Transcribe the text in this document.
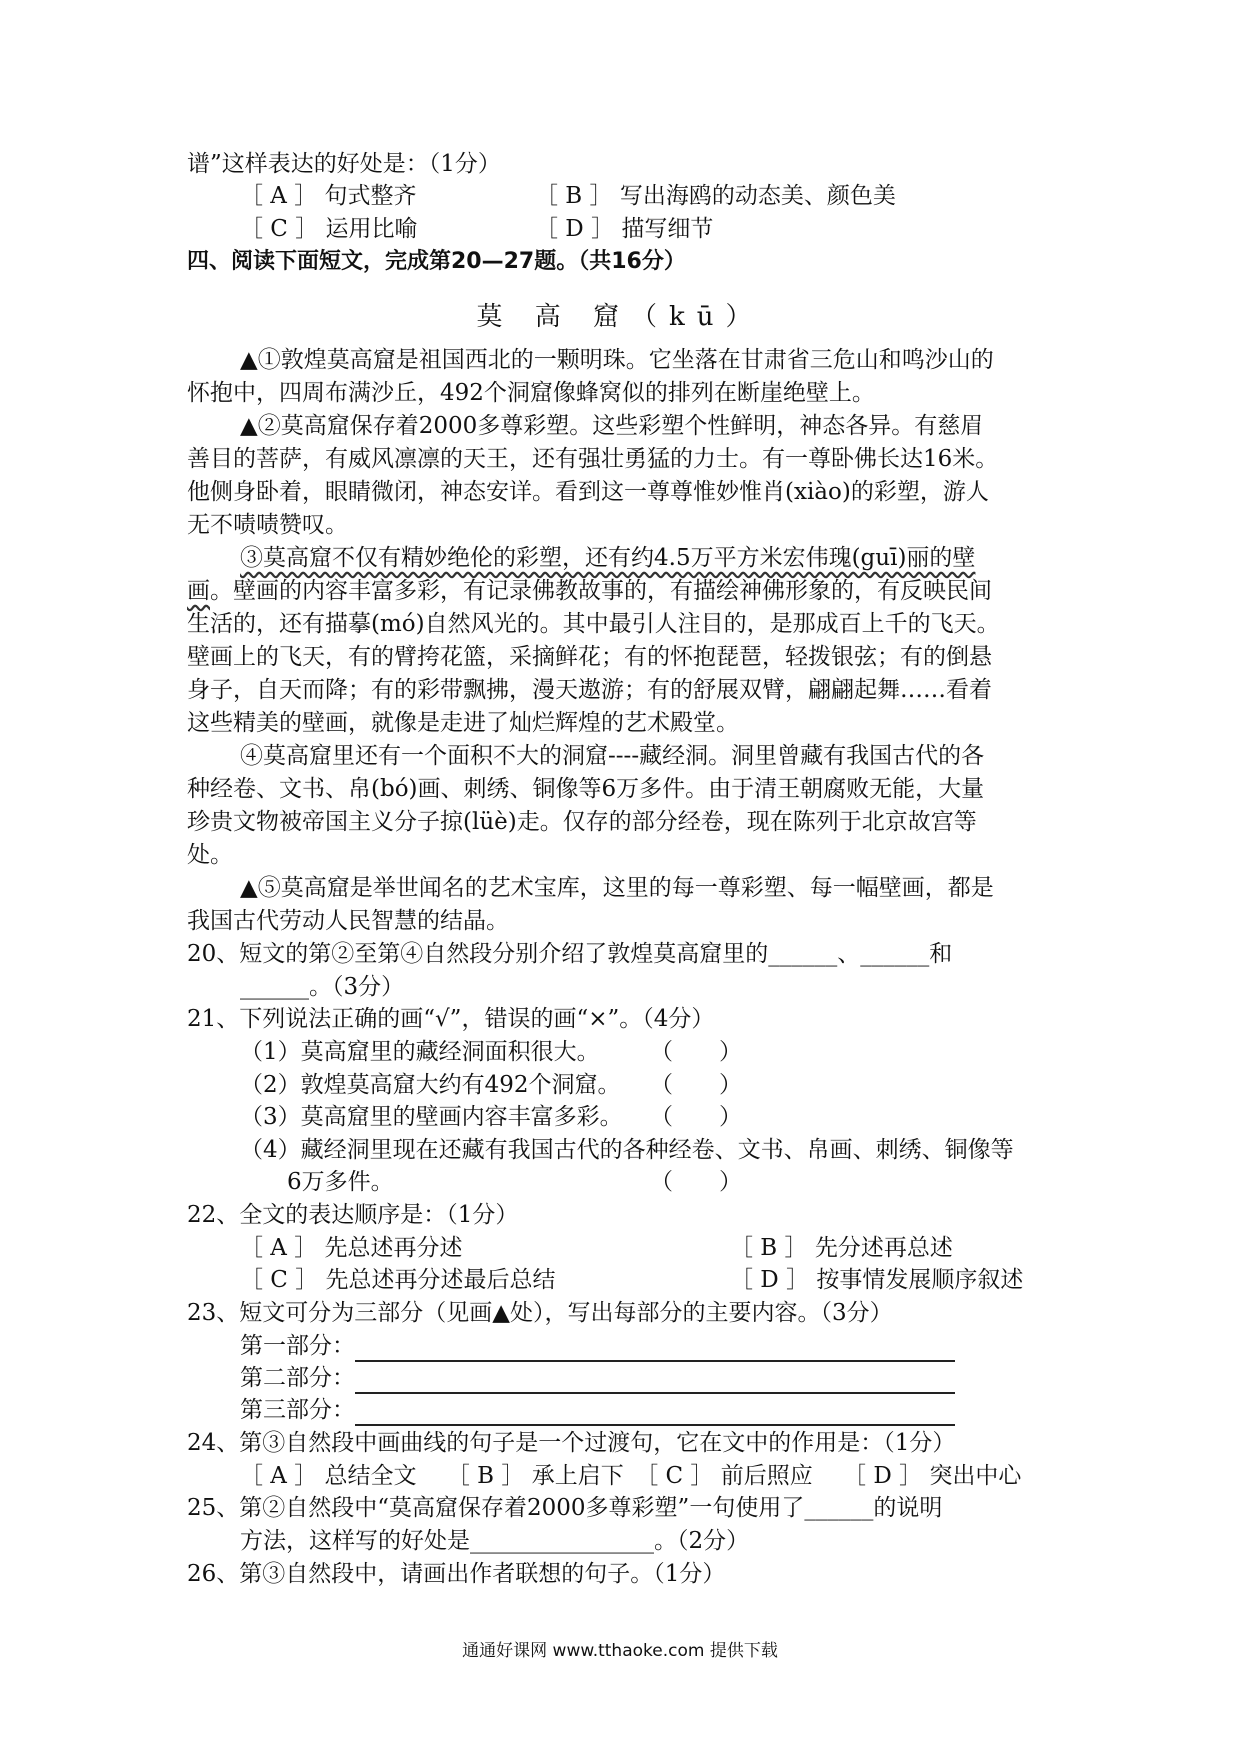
谱”这样表达的好处是：（1分）
［ A ］ 句式整齐	［ B ］ 写出海鸥的动态美、颜色美
［ C ］ 运用比喻	［ D ］ 描写细节
四、阅读下面短文，完成第20—27题。（共16分）
莫 高 窟（kū）
▲①敦煌莫高窟是祖国西北的一颗明珠。它坐落在甘肃省三危山和鸣沙山的
怀抱中，四周布满沙丘，492个洞窟像蜂窝似的排列在断崖绝壁上。
▲②莫高窟保存着2000多尊彩塑。这些彩塑个性鲜明，神态各异。有慈眉
善目的菩萨，有威风凛凛的天王，还有强壮勇猛的力士。有一尊卧佛长达16米。
他侧身卧着，眼睛微闭，神态安详。看到这一尊尊惟妙惟肖(xiào)的彩塑，游人
无不啧啧赞叹。
③莫高窟不仅有精妙绝伦的彩塑，还有约4.5万平方米宏伟瑰(guī)丽的壁
画。壁画的内容丰富多彩，有记录佛教故事的，有描绘神佛形象的，有反映民间
生活的，还有描摹(mó)自然风光的。其中最引人注目的，是那成百上千的飞天。
壁画上的飞天，有的臂挎花篮，采摘鲜花；有的怀抱琵琶，轻拨银弦；有的倒悬
身子，自天而降；有的彩带飘拂，漫天遨游；有的舒展双臂，翩翩起舞……看着
这些精美的壁画，就像是走进了灿烂辉煌的艺术殿堂。
④莫高窟里还有一个面积不大的洞窟----藏经洞。洞里曾藏有我国古代的各
种经卷、文书、帛(bó)画、刺绣、铜像等6万多件。由于清王朝腐败无能，大量
珍贵文物被帝国主义分子掠(lüè)走。仅存的部分经卷，现在陈列于北京故宫等
处。
▲⑤莫高窟是举世闻名的艺术宝库，这里的每一尊彩塑、每一幅壁画，都是
我国古代劳动人民智慧的结晶。
20、短文的第②至第④自然段分别介绍了敦煌莫高窟里的______、______和
______。（3分）
21、下列说法正确的画“√”，错误的画“×”。（4分）
（1）莫高窟里的藏经洞面积很大。 （　　）
（2）敦煌莫高窟大约有492个洞窟。 （　　）
（3）莫高窟里的壁画内容丰富多彩。 （　　）
（4）藏经洞里现在还藏有我国古代的各种经卷、文书、帛画、刺绣、铜像等
6万多件。	（　　）
22、全文的表达顺序是：（1分）
［ A ］ 先总述再分述	［ B ］ 先分述再总述
［ C ］ 先总述再分述最后总结	［ D ］ 按事情发展顺序叙述
23、短文可分为三部分（见画▲处），写出每部分的主要内容。（3分）
第一部分：
第二部分：
第三部分：
24、第③自然段中画曲线的句子是一个过渡句，它在文中的作用是：（1分）
［ A ］ 总结全文　 ［ B ］ 承上启下　［ C ］ 前后照应　 ［ D ］ 突出中心
25、第②自然段中“莫高窟保存着2000多尊彩塑”一句使用了______的说明
方法，这样写的好处是________________。（2分）
26、第③自然段中，请画出作者联想的句子。（1分）
通通好课网 www.tthaoke.com 提供下载
